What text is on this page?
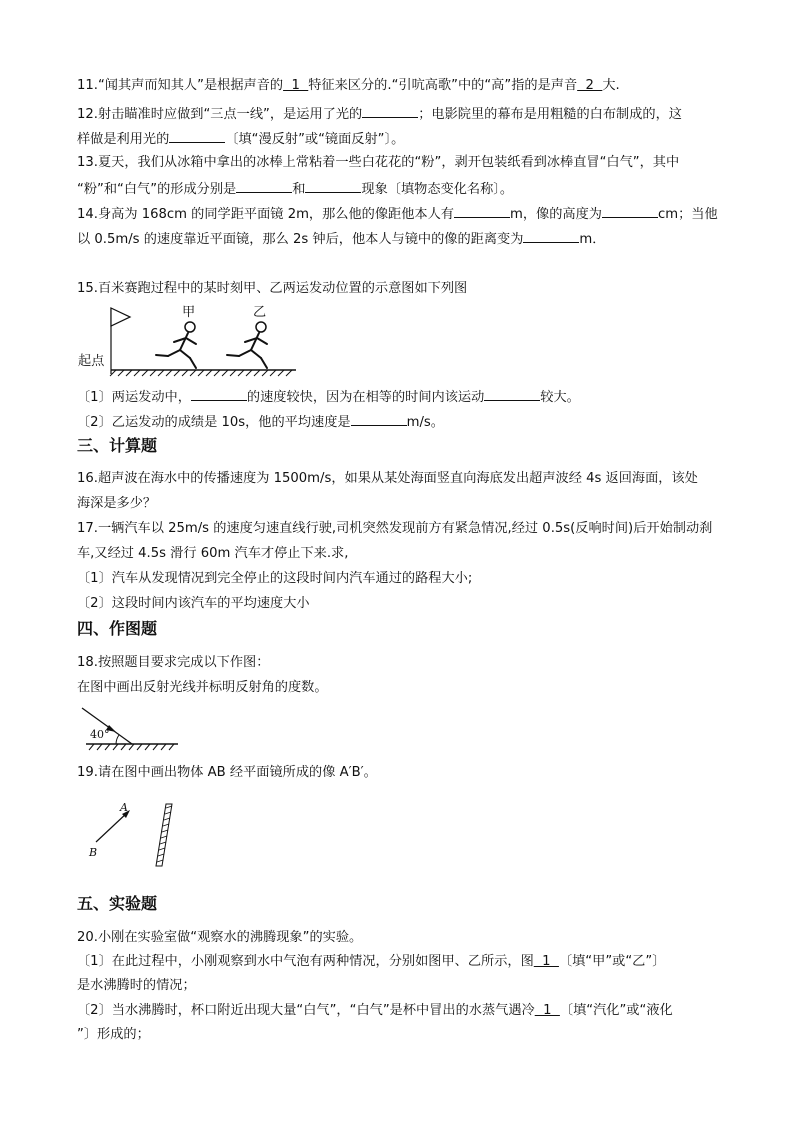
11.“闻其声而知其人”是根据声音的  1  特征来区分的.“引吭高歌”中的“高”指的是声音  2  大.
12.射击瞄准时应做到“三点一线”，是运用了光的	；电影院里的幕布是用粗糙的白布制成的，这
样做是利用光的	〔填“漫反射”或“镜面反射”〕。
13.夏天，我们从冰箱中拿出的冰棒上常粘着一些白花花的“粉”，剥开包装纸看到冰棒直冒“白气”，其中
“粉”和“白气”的形成分别是	和	现象〔填物态变化名称〕。
14.身高为 168cm 的同学距平面镜 2m，那么他的像距他本人有	m，像的高度为	cm；当他
以 0.5m/s 的速度靠近平面镜，那么 2s 钟后，他本人与镜中的像的距离变为	m．
15.百米赛跑过程中的某时刻甲、乙两运发动位置的示意图如下列图
甲	乙
起点
〔1〕两运发动中，	的速度较快，因为在相等的时间内该运动	较大。
〔2〕乙运发动的成绩是 10s，他的平均速度是	m/s。
三、计算题
16.超声波在海水中的传播速度为 1500m/s，如果从某处海面竖直向海底发出超声波经 4s 返回海面，该处
海深是多少？
17.一辆汽车以 25m/s 的速度匀速直线行驶,司机突然发现前方有紧急情况,经过 0.5s(反响时间)后开始制动刹
车,又经过 4.5s 滑行 60m 汽车才停止下来.求,
〔1〕汽车从发现情况到完全停止的这段时间内汽车通过的路程大小;
〔2〕这段时间内该汽车的平均速度大小
四、作图题
18.按照题目要求完成以下作图：
在图中画出反射光线并标明反射角的度数。
40°
19.请在图中画出物体 AB 经平面镜所成的像 A′B′。
A
B
五、实验题
20.小刚在实验室做“观察水的沸腾现象”的实验。
〔1〕在此过程中，小刚观察到水中气泡有两种情况，分别如图甲、乙所示，图  1  〔填“甲”或“乙”〕
是水沸腾时的情况；
〔2〕当水沸腾时，杯口附近出现大量“白气”，“白气”是杯中冒出的水蒸气遇冷  1  〔填“汽化”或“液化
”〕形成的；
